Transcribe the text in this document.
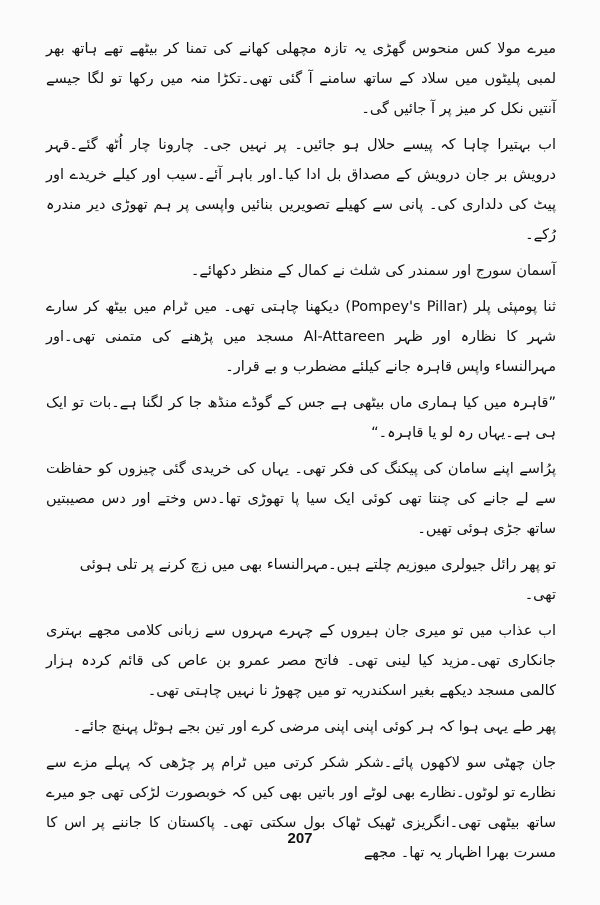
میرے مولا کس منحوس گھڑی یہ تازہ مچھلی کھانے کی تمنا کر بیٹھے تھے ہاتھ بھر لمبی پلیٹوں میں سلاد کے ساتھ سامنے آ گئی تھی۔تکڑا منہ میں رکھا تو لگا جیسے آنتیں نکل کر میز پر آ جائیں گی۔

اب بہتیرا چاہا کہ پیسے حلال ہو جائیں۔ پر نہیں جی۔ چارونا چار اُٹھ گئے۔قہر درویش بر جان درویش کے مصداق بل ادا کیا۔اور باہر آئے۔سیب اور کیلے خریدے اور پیٹ کی دلداری کی۔ پانی سے کھیلے تصویریں بنائیں واپسی پر ہم تھوڑی دیر مندرہ رُکے۔

آسمان سورج اور سمندر کی شلث نے کمال کے منظر دکھائے۔

ثنا پومپئی پلر (Pompey's Pillar) دیکھنا چاہتی تھی۔ میں ٹرام میں بیٹھ کر سارے شہر کا نظارہ اور ظہر Al-Attareen مسجد میں پڑھنے کی متمنی تھی۔اور مہرالنساء واپس قاہرہ جانے کیلئے مضطرب و بے قرار۔

”قاہرہ میں کیا ہماری ماں بیٹھی ہے جس کے گوڈے منڈھ جا کر لگنا ہے۔بات تو ایک ہی ہے۔یہاں رہ لو یا قاہرہ۔“

پرُاسے اپنے سامان کی پیکنگ کی فکر تھی۔ یہاں کی خریدی گئی چیزوں کو حفاظت سے لے جانے کی چنتا تھی کوئی ایک سیا پا تھوڑی تھا۔دس وختے اور دس مصیبتیں ساتھ جڑی ہوئی تھیں۔

تو پھر رائل جیولری میوزیم چلتے ہیں۔مہرالنساء بھی میں زچ کرنے پر تلی ہوئی تھی۔

اب عذاب میں تو میری جان ہیروں کے چہرے مہروں سے زبانی کلامی مجھے بہتری جانکاری تھی۔مزید کیا لینی تھی۔ فاتح مصر عمرو بن عاص کی قائم کردہ ہزار کالمی مسجد دیکھے بغیر اسکندریہ تو میں چھوڑ نا نہیں چاہتی تھی۔

پھر طے یہی ہوا کہ ہر کوئی اپنی اپنی مرضی کرے اور تین بجے ہوٹل پہنچ جائے۔

جان چھٹی سو لاکھوں پائے۔شکر شکر کرتی میں ٹرام پر چڑھی کہ پہلے مزے سے نظارے تو لوٹوں۔نظارے بھی لوٹے اور باتیں بھی کیں کہ خوبصورت لڑکی تھی جو میرے ساتھ بیٹھی تھی۔انگریزی ٹھیک ٹھاک بول سکتی تھی۔ پاکستان کا جاننے پر اس کا مسرت بھرا اظہار یہ تھا۔ مجھے

207
